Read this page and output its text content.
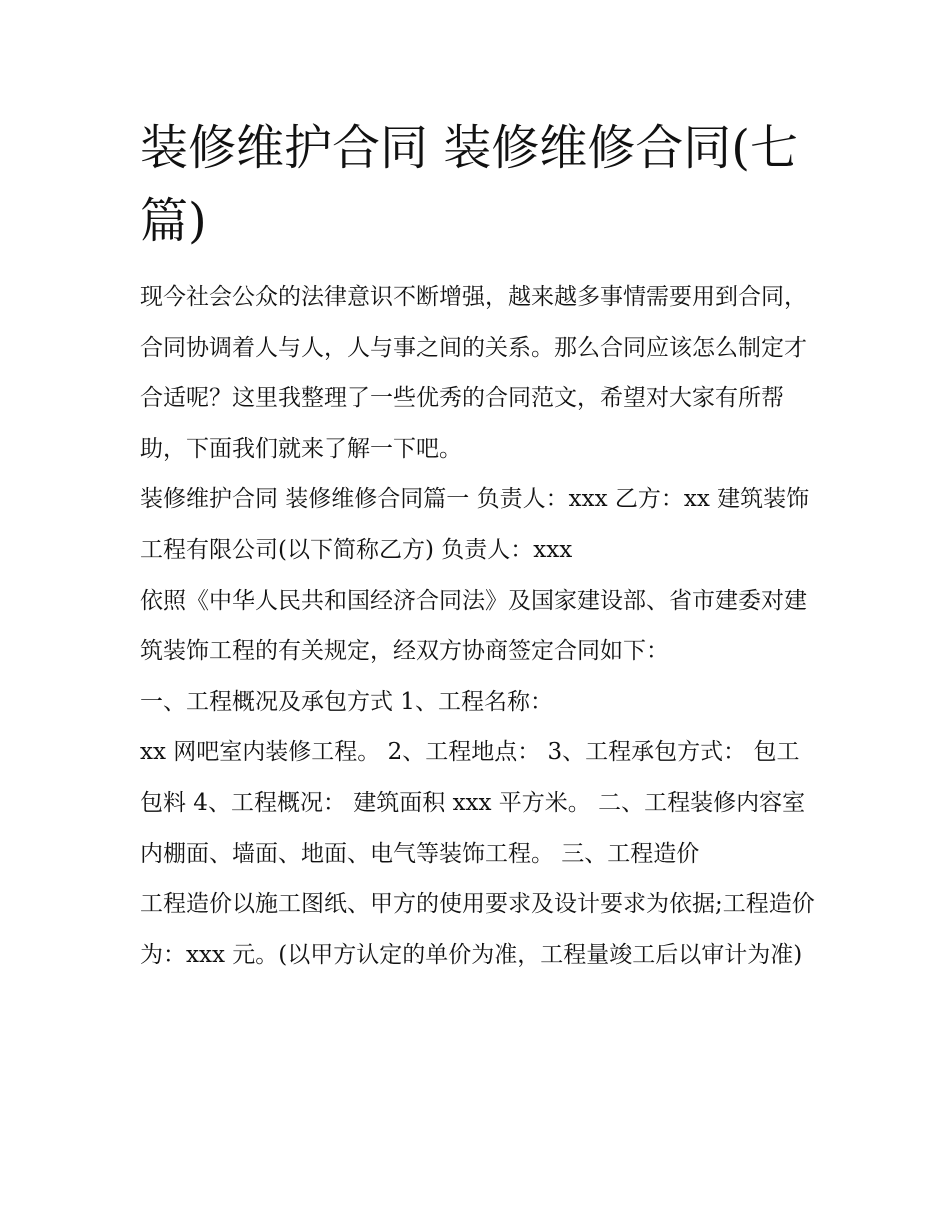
装修维护合同 装修维修合同(七篇)

现今社会公众的法律意识不断增强，越来越多事情需要用到合同，合同协调着人与人，人与事之间的关系。那么合同应该怎么制定才合适呢？这里我整理了一些优秀的合同范文，希望对大家有所帮助，下面我们就来了解一下吧。

装修维护合同 装修维修合同篇一 负责人：xxx 乙方：xx 建筑装饰工程有限公司(以下简称乙方) 负责人：xxx

依照《中华人民共和国经济合同法》及国家建设部、省市建委对建筑装饰工程的有关规定，经双方协商签定合同如下：

一、工程概况及承包方式 1、工程名称：

xx 网吧室内装修工程。 2、工程地点： 3、工程承包方式： 包工包料 4、工程概况： 建筑面积 xxx 平方米。 二、工程装修内容室内棚面、墙面、地面、电气等装饰工程。 三、工程造价

工程造价以施工图纸、甲方的使用要求及设计要求为依据;工程造价为：xxx 元。(以甲方认定的单价为准，工程量竣工后以审计为准)
